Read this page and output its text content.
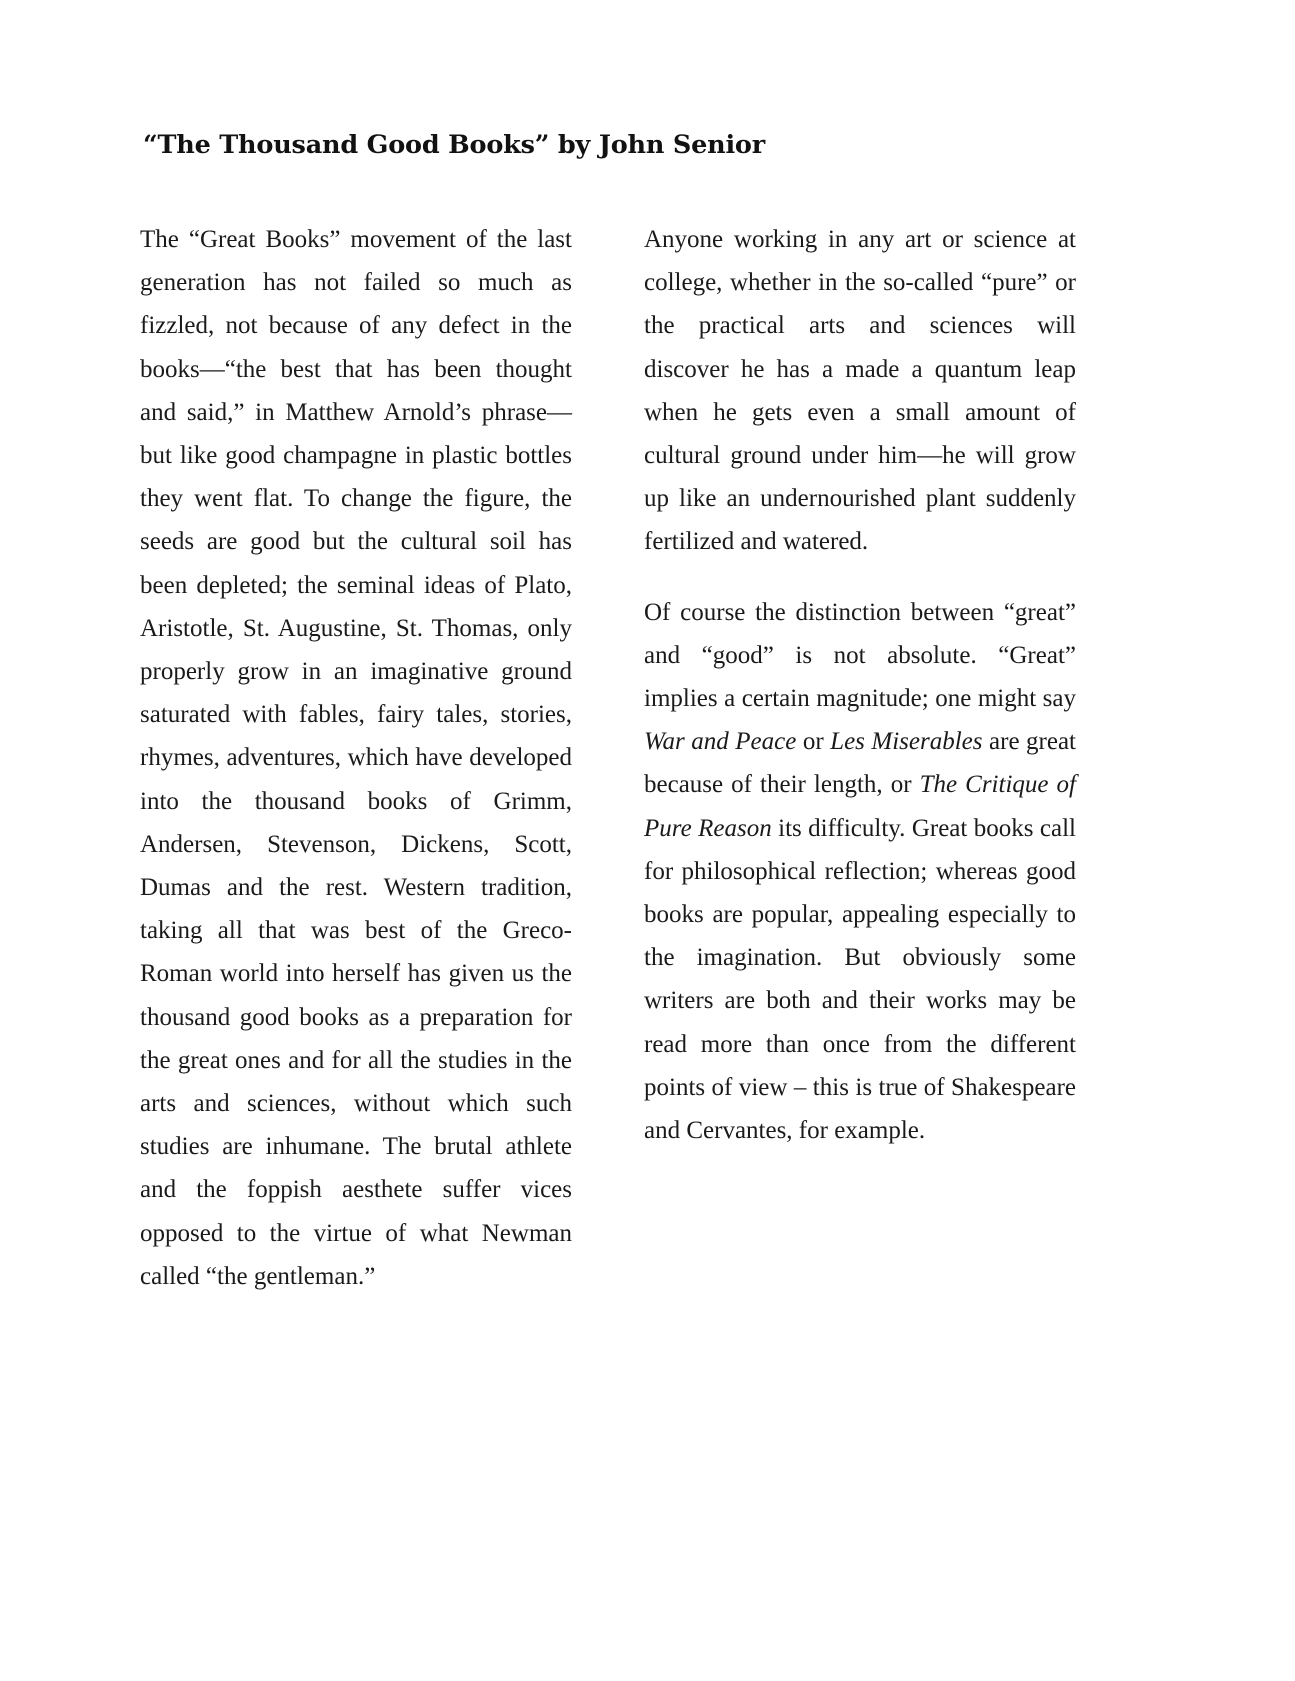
“The Thousand Good Books” by John Senior

The “Great Books” movement of the last generation has not failed so much as fizzled, not because of any defect in the books—“the best that has been thought and said,” in Matthew Arnold’s phrase—but like good champagne in plastic bottles they went flat. To change the figure, the seeds are good but the cultural soil has been depleted; the seminal ideas of Plato, Aristotle, St. Augustine, St. Thomas, only properly grow in an imaginative ground saturated with fables, fairy tales, stories, rhymes, adventures, which have developed into the thousand books of Grimm, Andersen, Stevenson, Dickens, Scott, Dumas and the rest. Western tradition, taking all that was best of the Greco-Roman world into herself has given us the thousand good books as a preparation for the great ones and for all the studies in the arts and sciences, without which such studies are inhumane. The brutal athlete and the foppish aesthete suffer vices opposed to the virtue of what Newman called “the gentleman.”

Anyone working in any art or science at college, whether in the so-called “pure” or the practical arts and sciences will discover he has a made a quantum leap when he gets even a small amount of cultural ground under him—he will grow up like an undernourished plant suddenly fertilized and watered.

Of course the distinction between “great” and “good” is not absolute. “Great” implies a certain magnitude; one might say War and Peace or Les Miserables are great because of their length, or The Critique of Pure Reason its difficulty. Great books call for philosophical reflection; whereas good books are popular, appealing especially to the imagination. But obviously some writers are both and their works may be read more than once from the different points of view – this is true of Shakespeare and Cervantes, for example.
